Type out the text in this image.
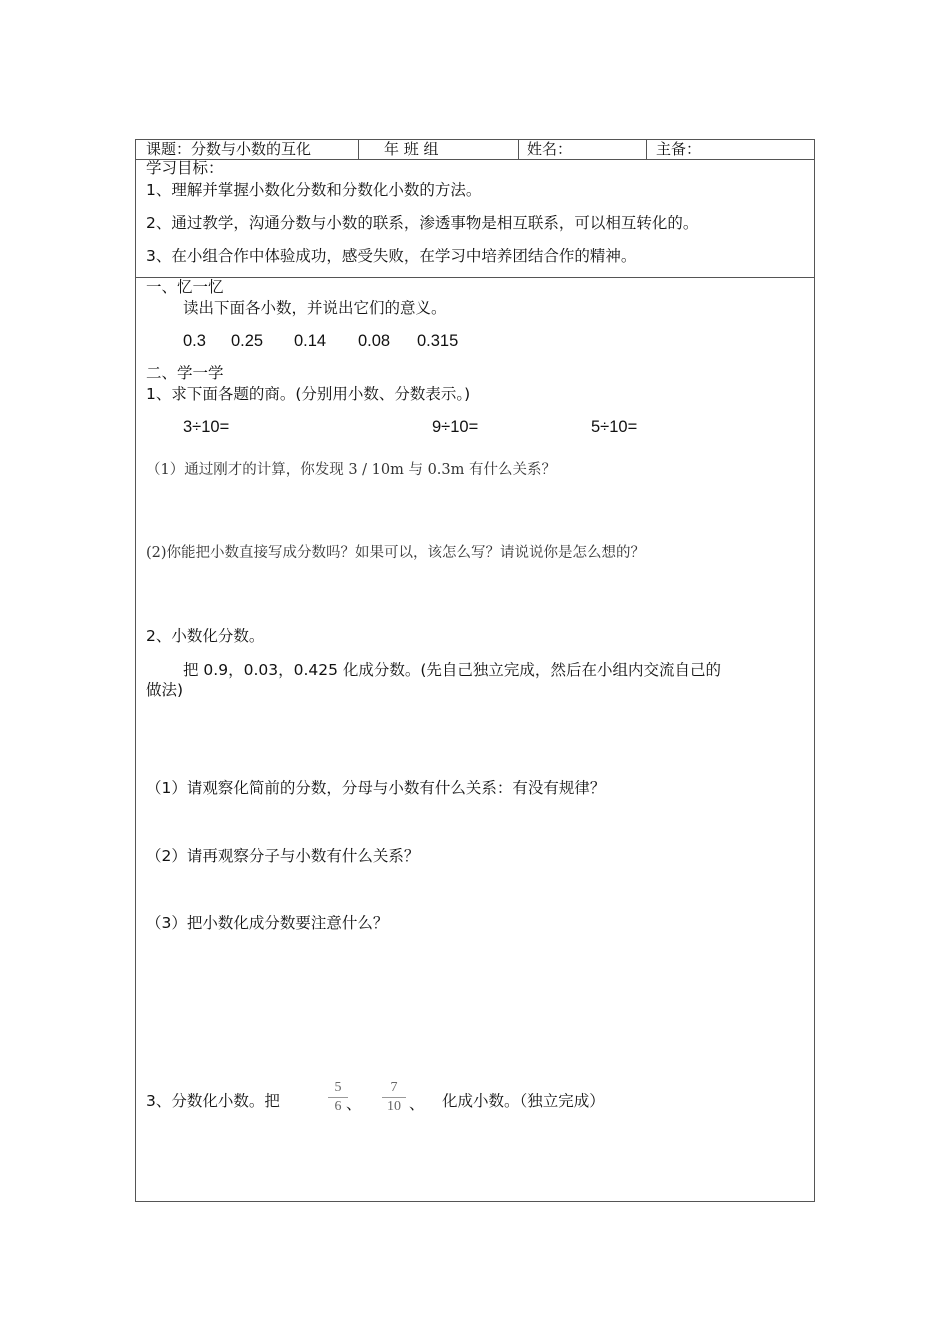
课题：分数与小数的互化	年 班 组	姓名：	主备：
学习目标：
1、理解并掌握小数化分数和分数化小数的方法。
2、通过教学，沟通分数与小数的联系，渗透事物是相互联系，可以相互转化的。
3、在小组合作中体验成功，感受失败，在学习中培养团结合作的精神。
一、忆一忆
读出下面各小数，并说出它们的意义。
0.3 0.25 0.14 0.08 0.315
二、学一学
1、求下面各题的商。(分别用小数、分数表示。)
3÷10=	9÷10=	5÷10=
（1）通过刚才的计算，你发现 3 / 10m 与 0.3m 有什么关系？
(2)你能把小数直接写成分数吗？如果可以，该怎么写？请说说你是怎么想的？
2、小数化分数。
把 0.9，0.03，0.425 化成分数。(先自己独立完成，然后在小组内交流自己的
做法)
（1）请观察化简前的分数，分母与小数有什么关系：有没有规律？
（2）请再观察分子与小数有什么关系？
（3）把小数化成分数要注意什么？
3、分数化小数。把
5
6 、
7
10 、 化成小数。（独立完成）
